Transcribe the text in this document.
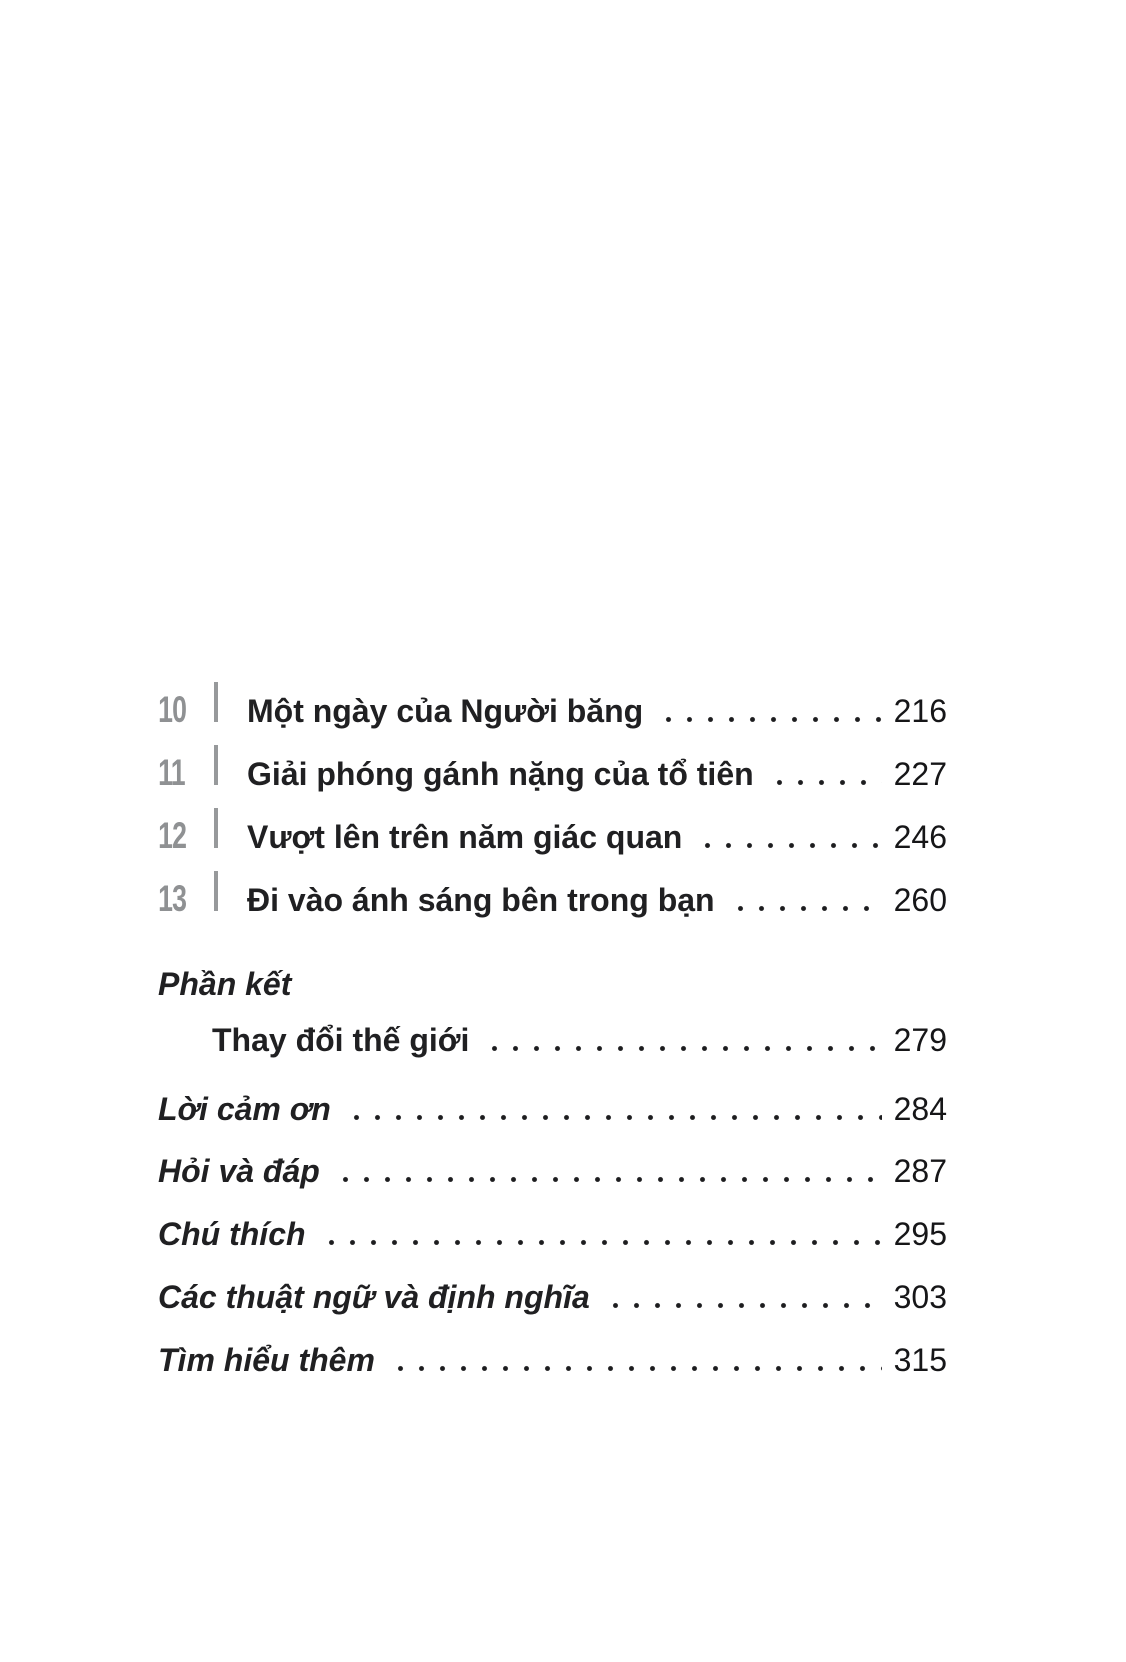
10 Một ngày của Người băng	216
11 Giải phóng gánh nặng của tổ tiên	227
12 Vượt lên trên năm giác quan	246
13 Đi vào ánh sáng bên trong bạn	260
Phần kết
Thay đổi thế giới	279
Lời cảm ơn	284
Hỏi và đáp	287
Chú thích	295
Các thuật ngữ và định nghĩa	303
Tìm hiểu thêm	315
